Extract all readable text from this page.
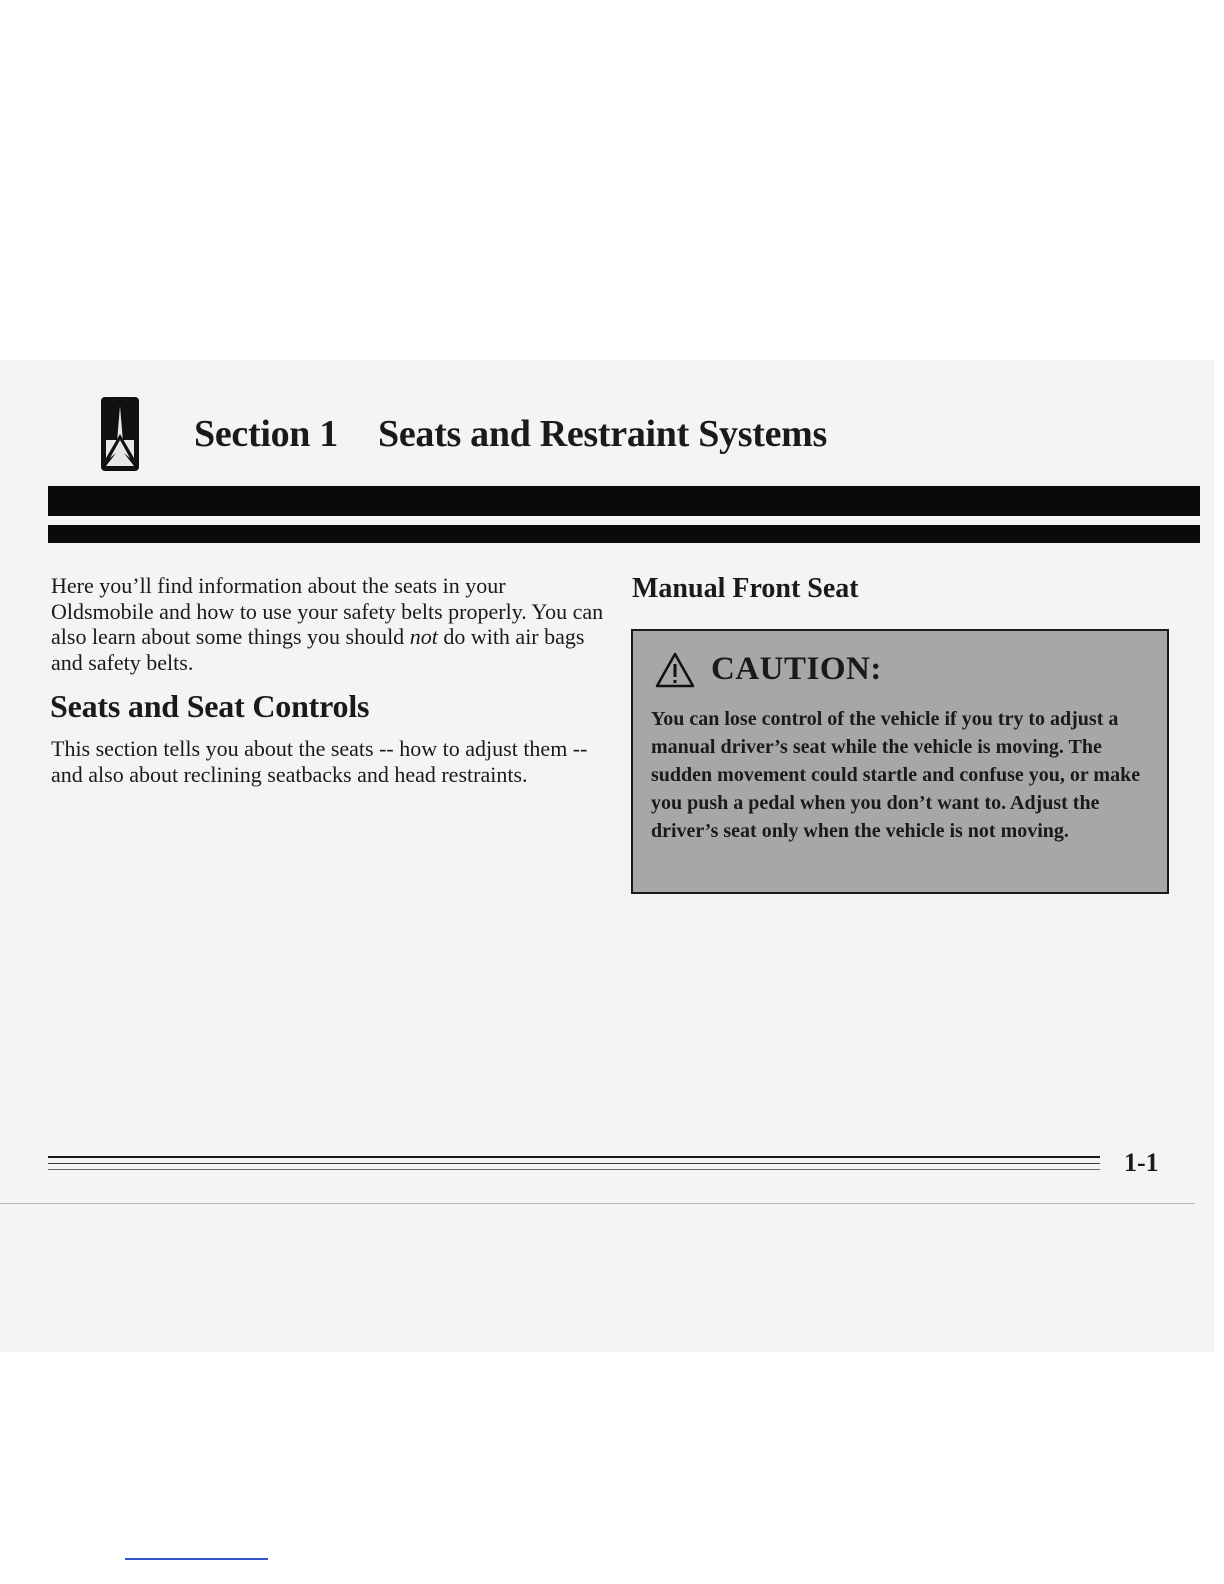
Section 1 Seats and Restraint Systems

Here you’ll find information about the seats in your Oldsmobile and how to use your safety belts properly. You can also learn about some things you should not do with air bags and safety belts.

Seats and Seat Controls

This section tells you about the seats -- how to adjust them -- and also about reclining seatbacks and head restraints.

Manual Front Seat
CAUTION:

You can lose control of the vehicle if you try to adjust a manual driver’s seat while the vehicle is moving. The sudden movement could startle and confuse you, or make you push a pedal when you don’t want to. Adjust the driver’s seat only when the vehicle is not moving.

1-1
